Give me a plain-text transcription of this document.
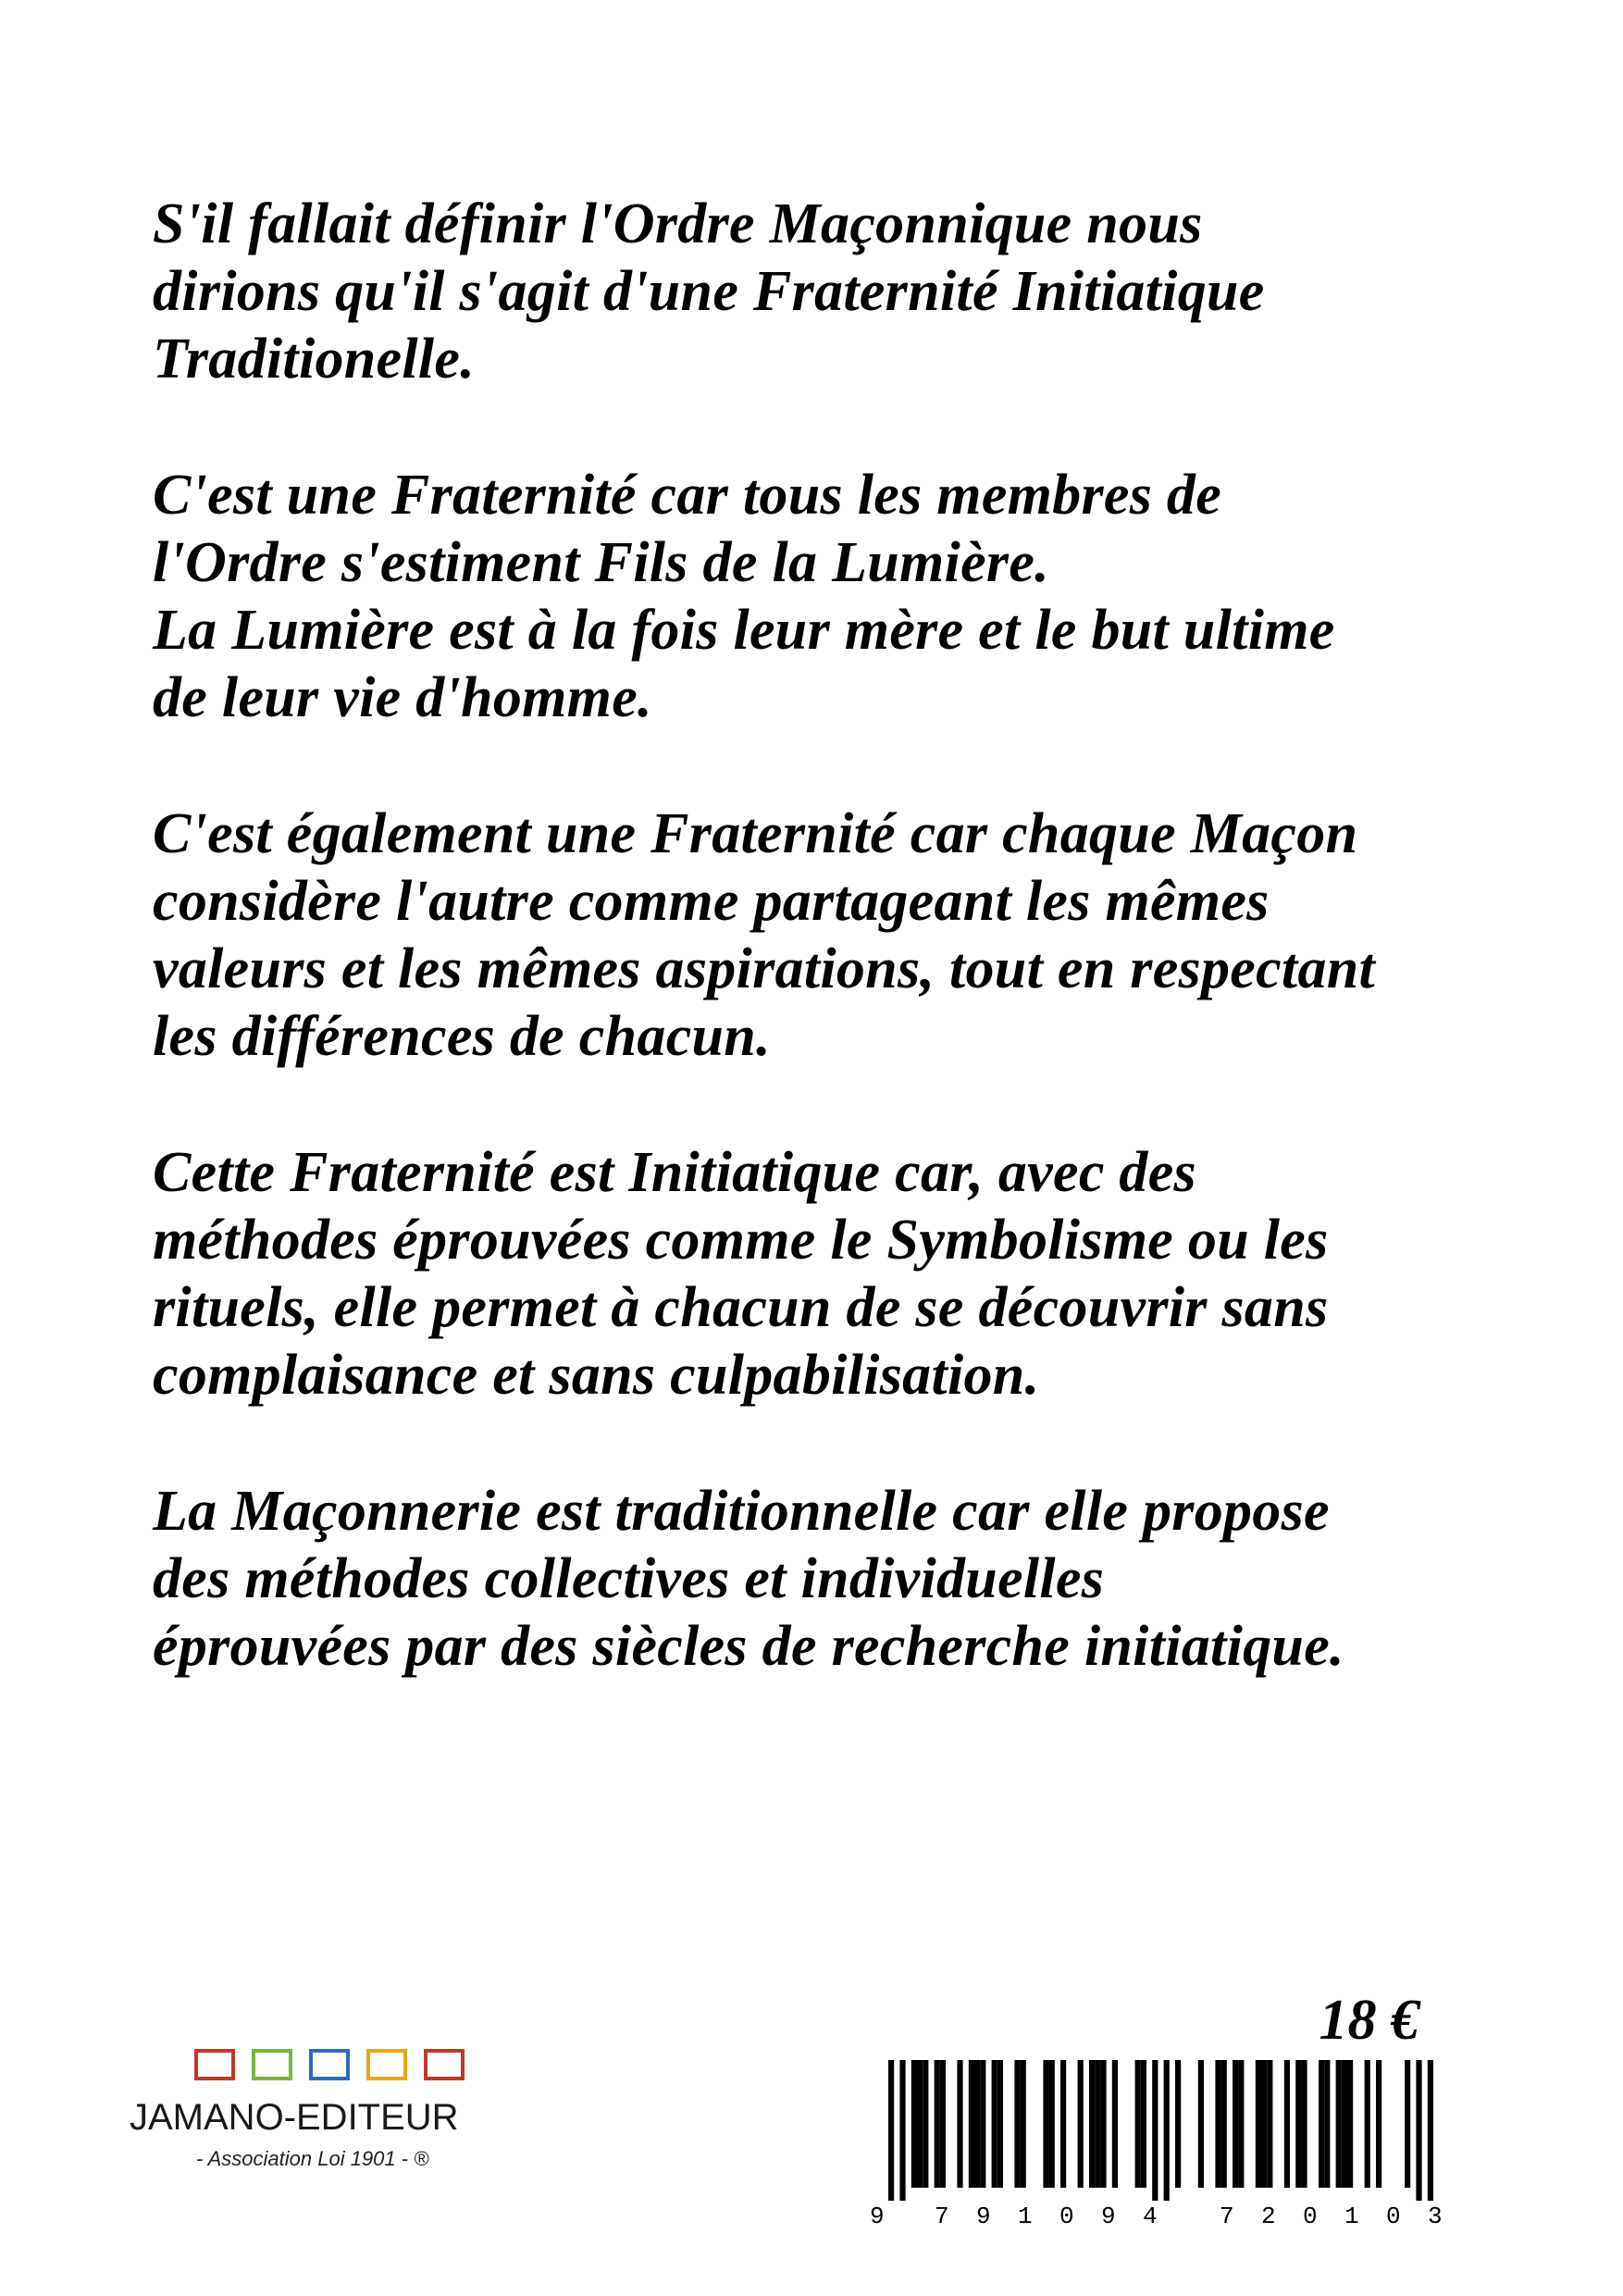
S'il fallait définir l'Ordre Maçonnique nous
dirions qu'il s'agit d'une Fraternité Initiatique
Traditionelle.

C'est une Fraternité car tous les membres de
l'Ordre s'estiment Fils de la Lumière.
La Lumière est à la fois leur mère et le but ultime
de leur vie d'homme.

C'est également une Fraternité car chaque Maçon
considère l'autre comme partageant les mêmes
valeurs et les mêmes aspirations, tout en respectant
les différences de chacun.

Cette Fraternité est Initiatique car, avec des
méthodes éprouvées comme le Symbolisme ou les
rituels, elle permet à chacun de se découvrir sans
complaisance et sans culpabilisation.

La Maçonnerie est traditionnelle car elle propose
des méthodes collectives et individuelles
éprouvées par des siècles de recherche initiatique.

18 €
9 7 9 1 0 9 4	7 2 0 1 0 3
JAMANO-EDITEUR
- Association Loi 1901 - ®
